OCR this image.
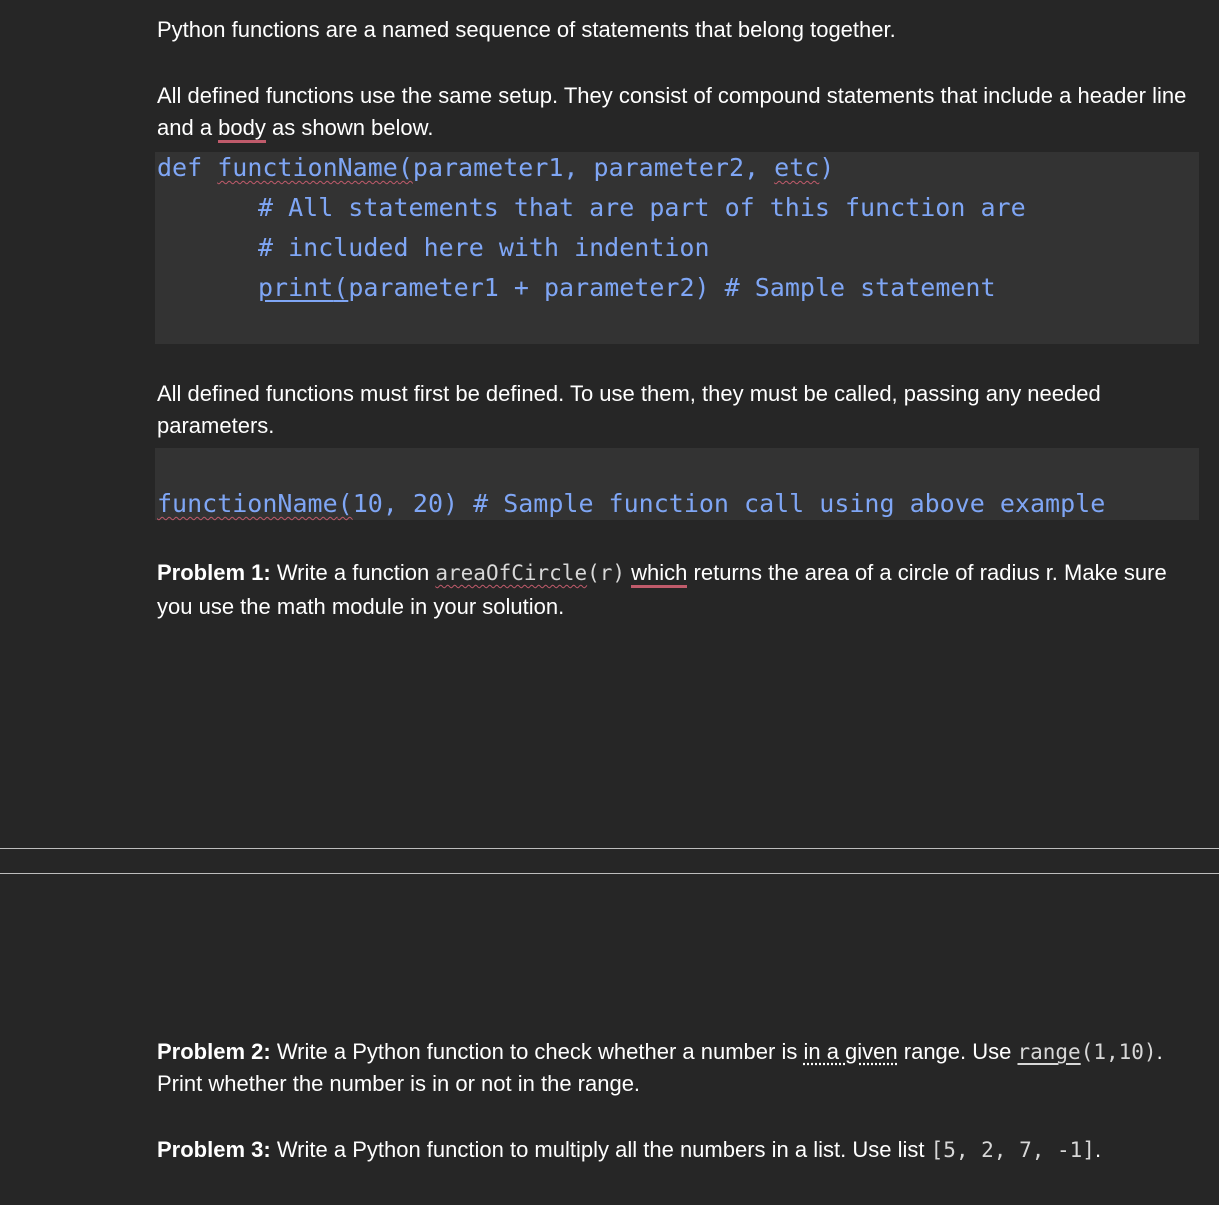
Python functions are a named sequence of statements that belong together.

All defined functions use the same setup. They consist of compound statements that include a header line and a body as shown below.

def functionName(parameter1, parameter2, etc)
# All statements that are part of this function are
# included here with indention
print(parameter1 + parameter2) # Sample statement

All defined functions must first be defined. To use them, they must be called, passing any needed parameters.

functionName(10, 20) # Sample function call using above example

Problem 1: Write a function areaOfCircle(r) which returns the area of a circle of radius r. Make sure you use the math module in your solution.

Problem 2: Write a Python function to check whether a number is in a given range. Use range(1,10). Print whether the number is in or not in the range.

Problem 3: Write a Python function to multiply all the numbers in a list. Use list [5, 2, 7, -1].
